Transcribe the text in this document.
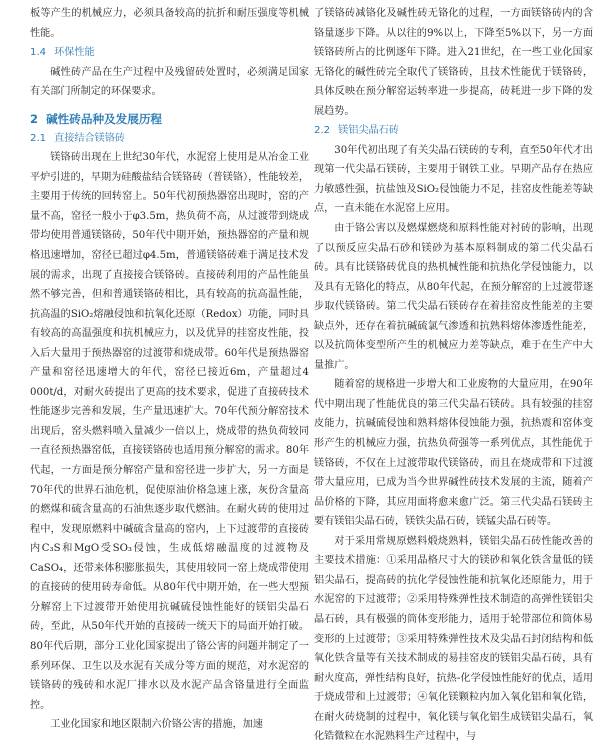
板等产生的机械应力，必须具备较高的抗折和耐压强度等机械性能。

1.4 环保性能

碱性砖产品在生产过程中及残留砖处置时，必须满足国家有关部门所制定的环保要求。

2 碱性砖品种及发展历程

2.1 直接结合镁铬砖

镁铬砖出现在上世纪30年代，水泥窑上使用是从冶金工业平炉引进的，早期为硅酸盐结合镁铬砖（普镁铬），性能较差，主要用于传统的回转窑上。50年代初预热器窑出现时，窑的产量不高，窑径一般小于φ3.5m，热负荷不高，从过渡带到烧成带均使用普通镁铬砖，50年代中期开始，预热器窑的产量和规格迅速增加，窑径已超过φ4.5m，普通镁铬砖难于满足技术发展的需求，出现了直接接合镁铬砖。直接砖利用的产品性能虽然不够完善，但和普通镁铬砖相比，具有较高的抗高温性能，抗高温的SiO₂熔融侵蚀和抗氧化还原（Redox）功能，同时具有较高的高温强度和抗机械应力，以及优异的挂窑皮性能，投入后大量用于预热器窑的过渡带和烧成带。60年代是预热器窑产量和窑径迅速增大的年代，窑径已接近6m，产量超过4 000t/d，对耐火砖提出了更高的技术要求，促进了直接砖技术性能逐步完善和发展，生产量迅速扩大。70年代预分解窑技术出现后，窑头燃料喷入量减少一倍以上，烧成带的热负荷较同一直径预热器窑低，直接镁铬砖也适用预分解窑的需求。80年代起，一方面是预分解窑产量和窑径进一步扩大，另一方面是70年代的世界石油危机，促使原油价格急速上涨，灰份含量高的燃煤和硫含量高的石油焦逐步取代燃油。在耐火砖的使用过程中，发现原燃料中碱硫含量高的窑内，上下过渡带的直接砖内C₃S和MgO受SO₃侵蚀，生成低熔融温度的过渡物及CaSO₄，还带来体积膨胀损失，其使用较同一窑上烧成带使用的直接砖的使用砖寿命低。从80年代中期开始，在一些大型预分解窑上下过渡带开始使用抗碱硫侵蚀性能好的镁铝尖晶石砖，至此，从50年代开始的直接砖一统天下的局面开始打破。80年代后期，部分工业化国家提出了铬公害的问题并制定了一系列环保、卫生以及水泥有关成分等方面的规范，对水泥窑的镁铬砖的残砖和水泥厂排水以及水泥产品含铬量进行全面监控。

工业化国家和地区限制六价铬公害的措施，加速

了镁铬砖减铬化及碱性砖无铬化的过程，一方面镁铬砖内的含铬量逐步下降。从以往的9%以上，下降至5%以下，另一方面镁铬砖所占的比例逐年下降。进入21世纪，在一些工业化国家无铬化的碱性砖完全取代了镁铬砖，且技术性能优于镁铬砖，具体反映在预分解窑运转率进一步提高，砖耗进一步下降的发展趋势。

2.2 镁铝尖晶石砖

30年代初出现了有关尖晶石镁砖的专利，直至50年代才出现第一代尖晶石镁砖，主要用于钢铁工业。早期产品存在热应力敏感性强，抗盐蚀及SiO₂侵蚀能力不足，挂窑皮性能差等缺点，一直未能在水泥窑上应用。

由于铬公害以及燃煤燃烧和原料性能对衬砖的影响，出现了以预反应尖晶石砂和镁砂为基本原料制成的第二代尖晶石砖。具有比镁铬砖优良的热机械性能和抗热化学侵蚀能力，以及具有无铬化的特点，从80年代起，在预分解窑的上过渡带逐步取代镁铬砖。第二代尖晶石镁砖存在着挂窑皮性能差的主要缺点外，还存在着抗碱硫氯气渗透和抗熟料熔体渗透性能差，以及抗筒体变型所产生的机械应力差等缺点，难于在生产中大量推广。

随着窑的规格进一步增大和工业废物的大量应用，在90年代中期出现了性能优良的第三代尖晶石镁砖。具有较强的挂窑皮能力，抗碱硫侵蚀和熟料熔体侵蚀能力强，抗热震和窑体变形产生的机械应力强，抗热负荷强等一系列优点，其性能优于镁铬砖，不仅在上过渡带取代镁铬砖，而且在烧成带和下过渡带大量应用，已成为当今世界碱性砖技术发展的主流，随着产品价格的下降，其应用面将愈来愈广泛。第三代尖晶石镁砖主要有镁铝尖晶石砖，镁铁尖晶石砖，镁锰尖晶石砖等。

对于采用常规原燃料煅烧熟料，镁铝尖晶石砖性能改善的主要技术措施：①采用晶格尺寸大的镁砂和氧化铁含量低的镁铝尖晶石，提高砖的抗化学侵蚀性能和抗氧化还原能力，用于水泥窑的下过渡带；②采用特殊弹性技术制造的高弹性镁铝尖晶石砖，具有极强的筒体变形能力，适用于轮带部位和筒体易变形的上过渡带；③采用特殊弹性技术及尖晶石封闭结构和低氧化铁含量等有关技术制成的易挂窑皮的镁铝尖晶石砖，具有耐火度高，弹性结构良好，抗热-化学侵蚀性能好的优点，适用于烧成带和上过渡带；④氧化镁颗粒内加入氧化铝和氧化锆，在耐火砖烧制的过程中，氧化镁与氧化铝生成镁铝尖晶石，氧化锆微粒在水泥熟料生产过程中，与
